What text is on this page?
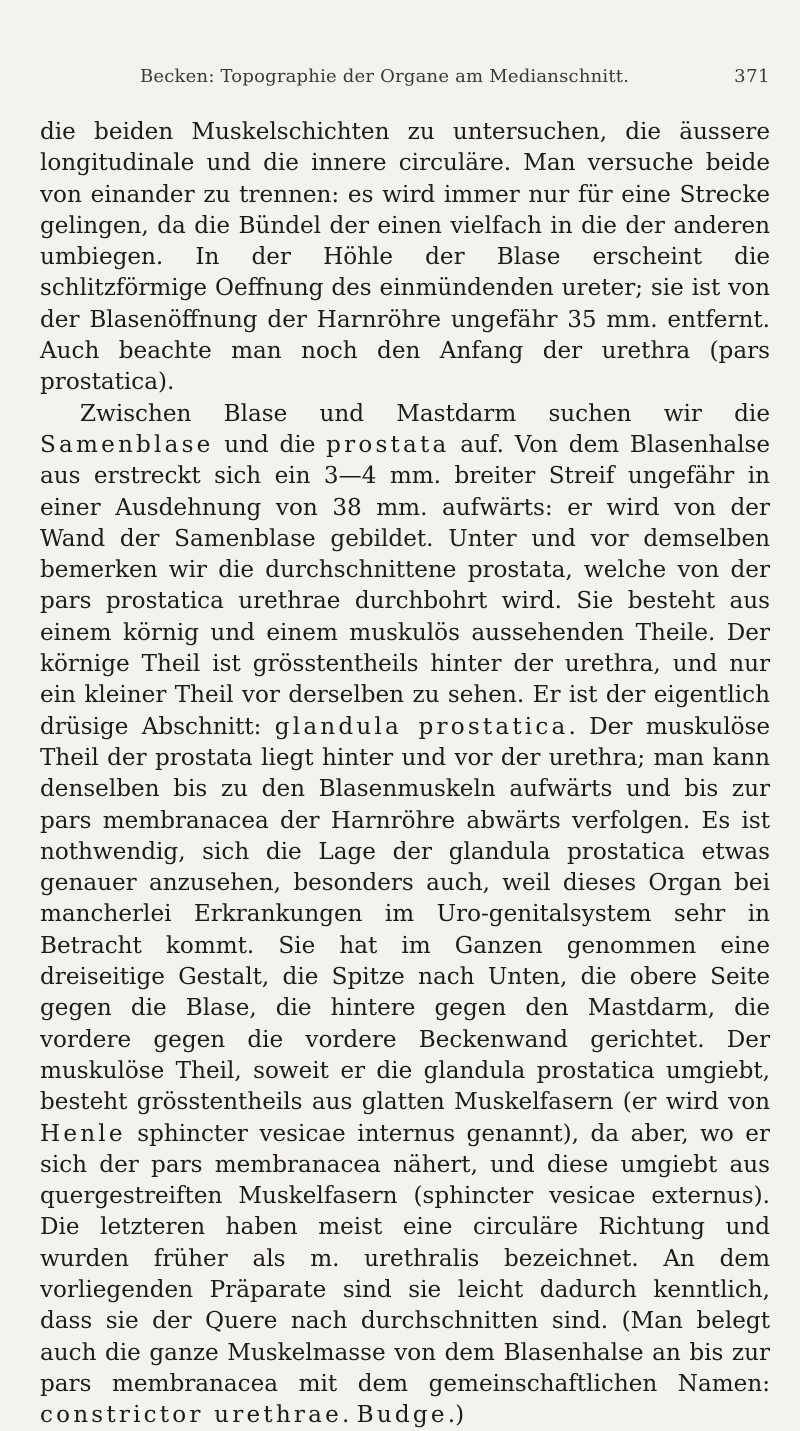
Becken: Topographie der Organe am Medianschnitt.	371

die beiden Muskelschichten zu untersuchen, die äussere longitudinale und die innere circuläre. Man versuche beide von einander zu trennen: es wird immer nur für eine Strecke gelingen, da die Bündel der einen vielfach in die der anderen umbiegen. In der Höhle der Blase erscheint die schlitzförmige Oeffnung des einmündenden ureter; sie ist von der Blasenöffnung der Harnröhre ungefähr 35 mm. entfernt. Auch beachte man noch den Anfang der urethra (pars prostatica).

Zwischen Blase und Mastdarm suchen wir die Samenblase und die prostata auf. Von dem Blasenhalse aus erstreckt sich ein 3—4 mm. breiter Streif ungefähr in einer Ausdehnung von 38 mm. aufwärts: er wird von der Wand der Samenblase gebildet. Unter und vor demselben bemerken wir die durchschnittene prostata, welche von der pars prostatica urethrae durchbohrt wird. Sie besteht aus einem körnig und einem muskulös aussehenden Theile. Der körnige Theil ist grösstentheils hinter der urethra, und nur ein kleiner Theil vor derselben zu sehen. Er ist der eigentlich drüsige Abschnitt: glandula prostatica. Der muskulöse Theil der prostata liegt hinter und vor der urethra; man kann denselben bis zu den Blasenmuskeln aufwärts und bis zur pars membranacea der Harnröhre abwärts verfolgen. Es ist nothwendig, sich die Lage der glandula prostatica etwas genauer anzusehen, besonders auch, weil dieses Organ bei mancherlei Erkrankungen im Uro-genitalsystem sehr in Betracht kommt. Sie hat im Ganzen genommen eine dreiseitige Gestalt, die Spitze nach Unten, die obere Seite gegen die Blase, die hintere gegen den Mastdarm, die vordere gegen die vordere Beckenwand gerichtet. Der muskulöse Theil, soweit er die glandula prostatica umgiebt, besteht grösstentheils aus glatten Muskelfasern (er wird von Henle sphincter vesicae internus genannt), da aber, wo er sich der pars membranacea nähert, und diese umgiebt aus quergestreiften Muskelfasern (sphincter vesicae externus). Die letzteren haben meist eine circuläre Richtung und wurden früher als m. urethralis bezeichnet. An dem vorliegenden Präparate sind sie leicht dadurch kenntlich, dass sie der Quere nach durchschnitten sind. (Man belegt auch die ganze Muskelmasse von dem Blasenhalse an bis zur pars membranacea mit dem gemeinschaftlichen Namen: constrictor urethrae. Budge.)
